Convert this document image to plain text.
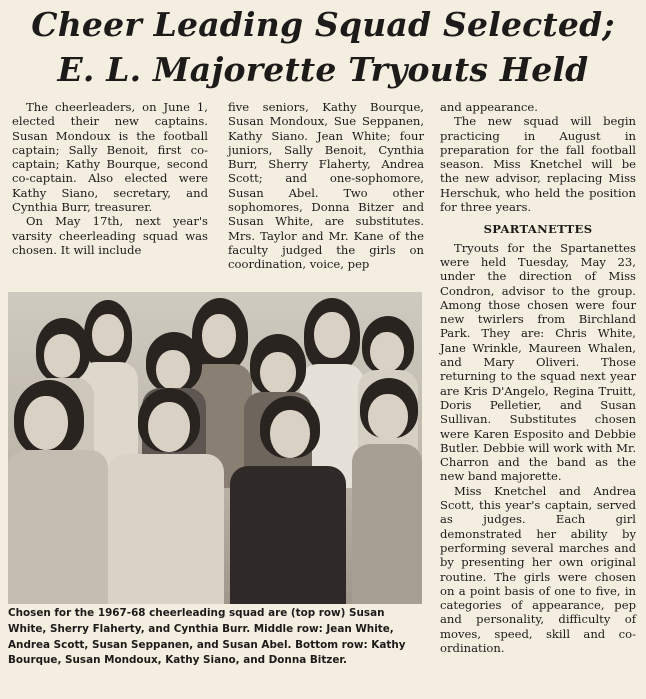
Cheer Leading Squad Selected;
E. L. Majorette Tryouts Held

The cheerleaders, on June 1, elected their new captains. Susan Mondoux is the football captain; Sally Benoit, first co-captain; Kathy Bourque, second co-captain. Also elected were Kathy Siano, secretary, and Cynthia Burr, treasurer.

On May 17th, next year's varsity cheerleading squad was chosen. It will include

five seniors, Kathy Bourque, Susan Mondoux, Sue Seppanen, Kathy Siano. Jean White; four juniors, Sally Benoit, Cynthia Burr, Sherry Flaherty, Andrea Scott; and one-sophomore, Susan Abel. Two other sophomores, Donna Bitzer and Susan White, are substitutes. Mrs. Taylor and Mr. Kane of the faculty judged the girls on coordination, voice, pep

and appearance.

The new squad will begin practicing in August in preparation for the fall football season. Miss Knetchel will be the new advisor, replacing Miss Herschuk, who held the position for three years.

SPARTANETTES

Tryouts for the Spartanettes were held Tuesday, May 23, under the direction of Miss Condron, advisor to the group. Among those chosen were four new twirlers from Birchland Park. They are: Chris White, Jane Wrinkle, Maureen Whalen, and Mary Oliveri. Those returning to the squad next year are Kris D'Angelo, Regina Truitt, Doris Pelletier, and Susan Sullivan. Substitutes chosen were Karen Esposito and Debbie Butler. Debbie will work with Mr. Charron and the band as the new band majorette.

Miss Knetchel and Andrea Scott, this year's captain, served as judges. Each girl demonstrated her ability by performing several marches and by presenting her own original routine. The girls were chosen on a point basis of one to five, in categories of appearance, pep and personality, difficulty of moves, speed, skill and co-ordination.

Chosen for the 1967-68 cheerleading squad are (top row) Susan White, Sherry Flaherty, and Cynthia Burr. Middle row: Jean White, Andrea Scott, Susan Seppanen, and Susan Abel. Bottom row: Kathy Bourque, Susan Mondoux, Kathy Siano, and Donna Bitzer.
